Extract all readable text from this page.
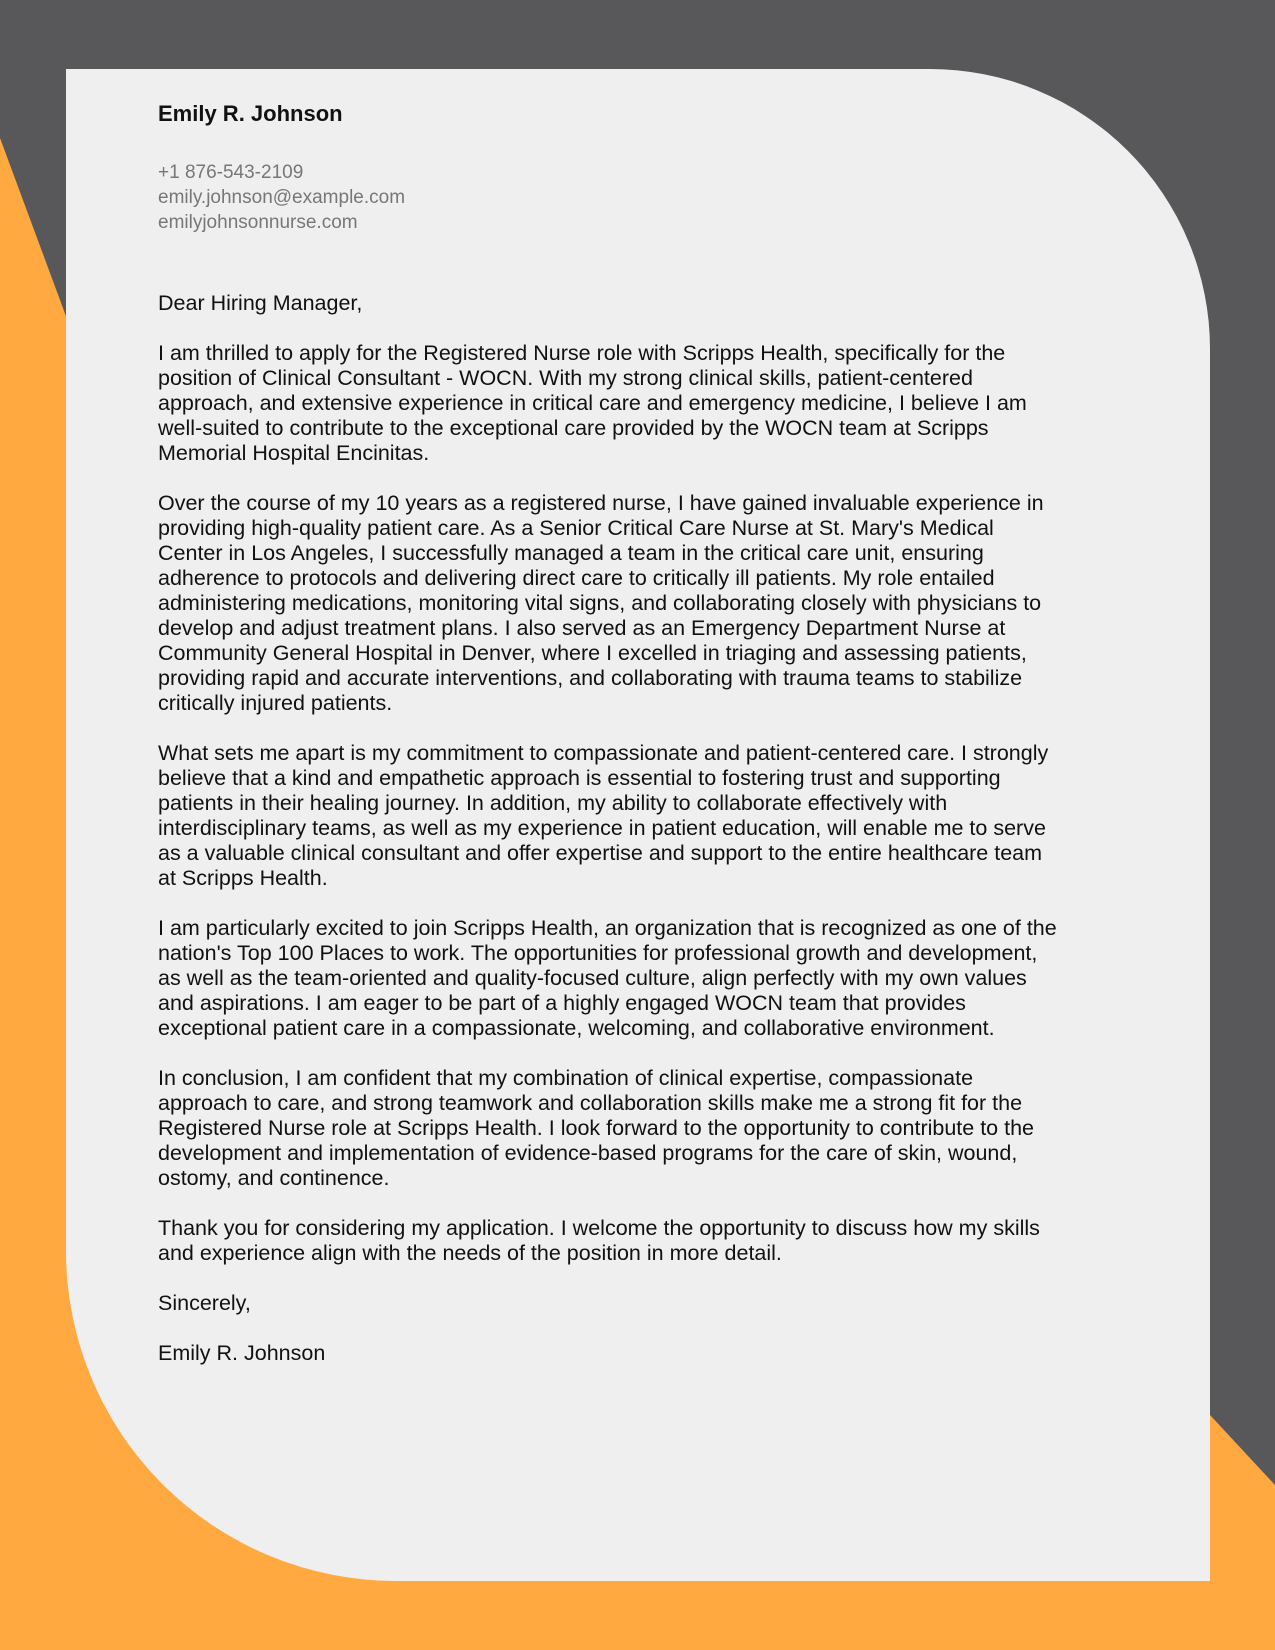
Emily R. Johnson
+1 876-543-2109
emily.johnson@example.com
emilyjohnsonnurse.com

Dear Hiring Manager,

I am thrilled to apply for the Registered Nurse role with Scripps Health, specifically for the
position of Clinical Consultant - WOCN. With my strong clinical skills, patient-centered
approach, and extensive experience in critical care and emergency medicine, I believe I am
well-suited to contribute to the exceptional care provided by the WOCN team at Scripps
Memorial Hospital Encinitas.

Over the course of my 10 years as a registered nurse, I have gained invaluable experience in
providing high-quality patient care. As a Senior Critical Care Nurse at St. Mary's Medical
Center in Los Angeles, I successfully managed a team in the critical care unit, ensuring
adherence to protocols and delivering direct care to critically ill patients. My role entailed
administering medications, monitoring vital signs, and collaborating closely with physicians to
develop and adjust treatment plans. I also served as an Emergency Department Nurse at
Community General Hospital in Denver, where I excelled in triaging and assessing patients,
providing rapid and accurate interventions, and collaborating with trauma teams to stabilize
critically injured patients.

What sets me apart is my commitment to compassionate and patient-centered care. I strongly
believe that a kind and empathetic approach is essential to fostering trust and supporting
patients in their healing journey. In addition, my ability to collaborate effectively with
interdisciplinary teams, as well as my experience in patient education, will enable me to serve
as a valuable clinical consultant and offer expertise and support to the entire healthcare team
at Scripps Health.

I am particularly excited to join Scripps Health, an organization that is recognized as one of the
nation's Top 100 Places to work. The opportunities for professional growth and development,
as well as the team-oriented and quality-focused culture, align perfectly with my own values
and aspirations. I am eager to be part of a highly engaged WOCN team that provides
exceptional patient care in a compassionate, welcoming, and collaborative environment.

In conclusion, I am confident that my combination of clinical expertise, compassionate
approach to care, and strong teamwork and collaboration skills make me a strong fit for the
Registered Nurse role at Scripps Health. I look forward to the opportunity to contribute to the
development and implementation of evidence-based programs for the care of skin, wound,
ostomy, and continence.

Thank you for considering my application. I welcome the opportunity to discuss how my skills
and experience align with the needs of the position in more detail.

Sincerely,

Emily R. Johnson
